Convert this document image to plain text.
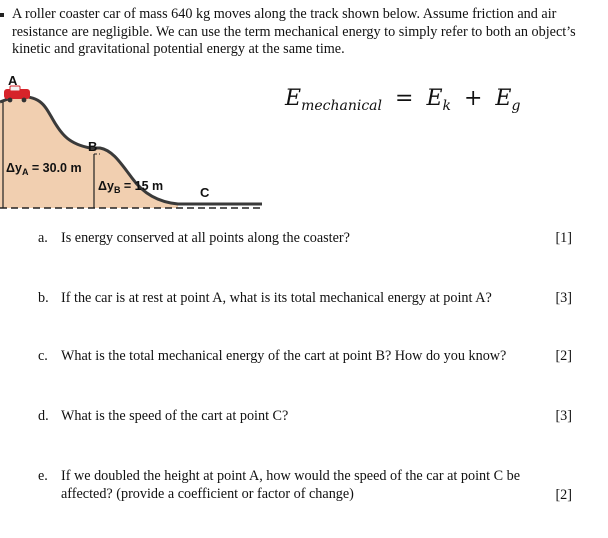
A roller coaster car of mass 640 kg moves along the track shown below. Assume friction and air resistance are negligible. We can use the term mechanical energy to simply refer to both an object’s kinetic and gravitational potential energy at the same time.

A
B
C
$\Delta y_A = 30.0$ m
$\Delta y_B = 15$ m
$E_{mechanical} = E_k + E_g$
a. Is energy conserved at all points along the coaster?	[1]
b. If the car is at rest at point A, what is its total mechanical energy at point A?	[3]
c. What is the total mechanical energy of the cart at point B? How do you know?	[2]
d. What is the speed of the cart at point C?	[3]
e. If we doubled the height at point A, how would the speed of the car at point C be affected? (provide a coefficient or factor of change)	[2]
